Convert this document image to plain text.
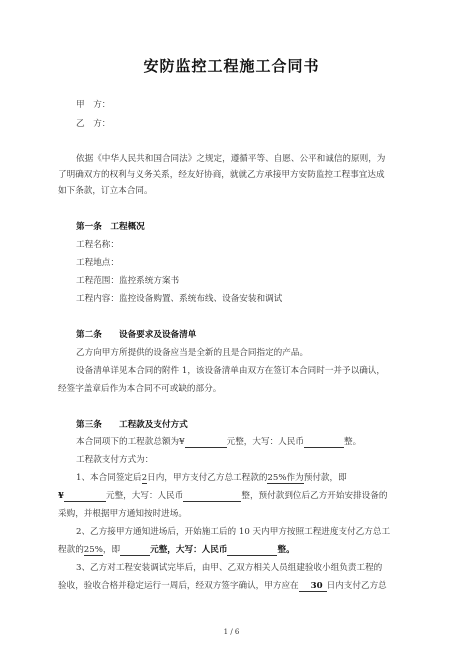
安防监控工程施工合同书
甲　方：
乙　方：
依据《中华人民共和国合同法》之规定，遵循平等、自愿、公平和诚信的原则，为
了明确双方的权利与义务关系，经友好协商，就就乙方承接甲方安防监控工程事宜达成
如下条款，订立本合同。
第一条　工程概况
工程名称：
工程地点：
工程范围：监控系统方案书
工程内容：监控设备购置、系统布线、设备安装和调试
第二条　　设备要求及设备清单
乙方向甲方所提供的设备应当是全新的且是合同指定的产品。
设备清单详见本合同的附件 1，该设备清单由双方在签订本合同时一并予以确认，
经签字盖章后作为本合同不可或缺的部分。
第三条　　工程款及支付方式
本合同项下的工程款总额为¥	元整，大写：人民币	整。
工程款支付方式为：
1、本合同签定后2日内，甲方支付乙方总工程款的25%作为预付款，即
¥	元整，大写：人民币	整，预付款到位后乙方开始安排设备的
采购，并根据甲方通知按时进场。
2、乙方接甲方通知进场后，开始施工后的 10 天内甲方按照工程进度支付乙方总工
程款的25%，即	元整，大写：人民币	整。
3、乙方对工程安装调试完毕后，由甲、乙双方相关人员组建验收小组负责工程的
验收，验收合格并稳定运行一周后，经双方签字确认，甲方应在 30 日内支付乙方总
1 / 6
